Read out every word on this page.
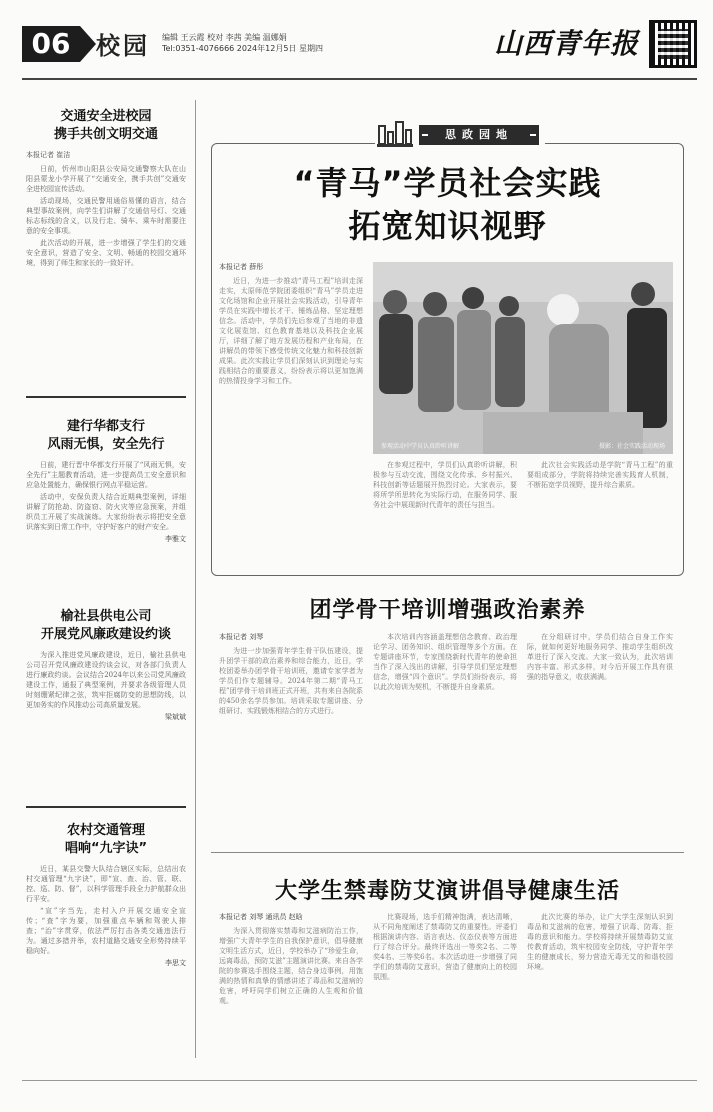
06	校园 编辑 王云霞 校对 李茜 美编 温娜娟
Tel:0351-4076666 2024年12月5日 星期四	山西青年报
交通安全进校园
携手共创文明交通
本报记者 崔洁

日前，忻州市山阳县公安局交通警察大队在山阳县蒙龙小学开展了“交通安全，携手共创”交通安全进校园宣传活动。

活动现场，交通民警用通俗易懂的语言，结合典型事故案例，向学生们讲解了交通信号灯、交通标志标线的含义，以及行走、骑车、乘车时需要注意的安全事项。

此次活动的开展，进一步增强了学生们的交通安全意识，营造了安全、文明、畅通的校园交通环境，得到了师生和家长的一致好评。

建行华都支行
风雨无惧，安全先行

日前，建行晋中华都支行开展了“风雨无惧，安全先行”主题教育活动，进一步提高员工安全意识和应急处置能力，确保银行网点平稳运营。

活动中，安保负责人结合近期典型案例，详细讲解了防抢劫、防盗窃、防火灾等应急预案，并组织员工开展了实战演练。大家纷纷表示将把安全意识落实到日常工作中，守护好客户的财产安全。

李雅文
榆社县供电公司
开展党风廉政建设约谈

为深入推进党风廉政建设，近日，榆社县供电公司召开党风廉政建设约谈会议，对各部门负责人进行廉政约谈。会议结合2024年以来公司党风廉政建设工作，通报了典型案例，并要求各级管理人员时刻绷紧纪律之弦，筑牢拒腐防变的思想防线，以更加务实的作风推动公司高质量发展。

梁斌斌
农村交通管理
唱响“九字诀”

近日，某县交警大队结合辖区实际，总结出农村交通管理“九字诀”，即“宣、查、治、管、联、控、巡、防、督”，以科学管理手段全力护航群众出行平安。

“宣”字当先，走村入户开展交通安全宣传；“查”字为要，加强重点车辆和驾驶人排查；“治”字贯穿，依法严厉打击各类交通违法行为。通过多措并举，农村道路交通安全形势持续平稳向好。

李思文
思政园地
“青马”学员社会实践
拓宽知识视野
本报记者 薛彤

近日，为进一步推动“青马工程”培训走深走实，太原师范学院团委组织“青马”学员走进文化场馆和企业开展社会实践活动，引导青年学员在实践中增长才干、锤炼品格、坚定理想信念。活动中，学员们先后参观了当地的非遗文化展览馆、红色教育基地以及科技企业展厅，详细了解了地方发展历程和产业布局，在讲解员的带领下感受传统文化魅力和科技创新成果。此次实践让学员们深刻认识到理论与实践相结合的重要意义，纷纷表示将以更加饱满的热情投身学习和工作。

参观活动中学员认真聆听讲解	摄影：社会实践活动现场

在参观过程中，学员们认真聆听讲解，积极参与互动交流，围绕文化传承、乡村振兴、科技创新等话题展开热烈讨论。大家表示，要将所学所思转化为实际行动，在服务同学、服务社会中展现新时代青年的责任与担当。

此次社会实践活动是学院“青马工程”的重要组成部分，学院将持续完善实践育人机制，不断拓宽学员视野，提升综合素质。

团学骨干培训增强政治素养
本报记者 刘琴

为进一步加强青年学生骨干队伍建设，提升团学干部的政治素养和综合能力，近日，学校团委举办团学骨干培训班，邀请专家学者为学员们作专题辅导。2024年第二期“青马工程”团学骨干培训班正式开班，共有来自各院系的450余名学员参加。培训采取专题讲座、分组研讨、实践锻炼相结合的方式进行。

本次培训内容涵盖理想信念教育、政治理论学习、团务知识、组织管理等多个方面。在专题讲座环节，专家围绕新时代青年的使命担当作了深入浅出的讲解，引导学员们坚定理想信念，增强“四个意识”。学员们纷纷表示，将以此次培训为契机，不断提升自身素质。

在分组研讨中，学员们结合自身工作实际，就如何更好地服务同学、推动学生组织改革进行了深入交流。大家一致认为，此次培训内容丰富、形式多样，对今后开展工作具有很强的指导意义，收获满满。

大学生禁毒防艾演讲倡导健康生活
本报记者 刘琴 通讯员 赵晗

为深入贯彻落实禁毒和艾滋病防治工作，增强广大青年学生的自我保护意识，倡导健康文明生活方式，近日，学校举办了“珍爱生命，远离毒品，预防艾滋”主题演讲比赛。来自各学院的参赛选手围绕主题，结合身边事例，用饱满的热情和真挚的情感讲述了毒品和艾滋病的危害，呼吁同学们树立正确的人生观和价值观。

比赛现场，选手们精神饱满，表达清晰，从不同角度阐述了禁毒防艾的重要性。评委们根据演讲内容、语言表达、仪态仪表等方面进行了综合评分。最终评选出一等奖2名、二等奖4名、三等奖6名。本次活动进一步增强了同学们的禁毒防艾意识，营造了健康向上的校园氛围。

此次比赛的举办，让广大学生深刻认识到毒品和艾滋病的危害，增强了识毒、防毒、拒毒的意识和能力。学校将持续开展禁毒防艾宣传教育活动，筑牢校园安全防线，守护青年学生的健康成长，努力营造无毒无艾的和谐校园环境。
